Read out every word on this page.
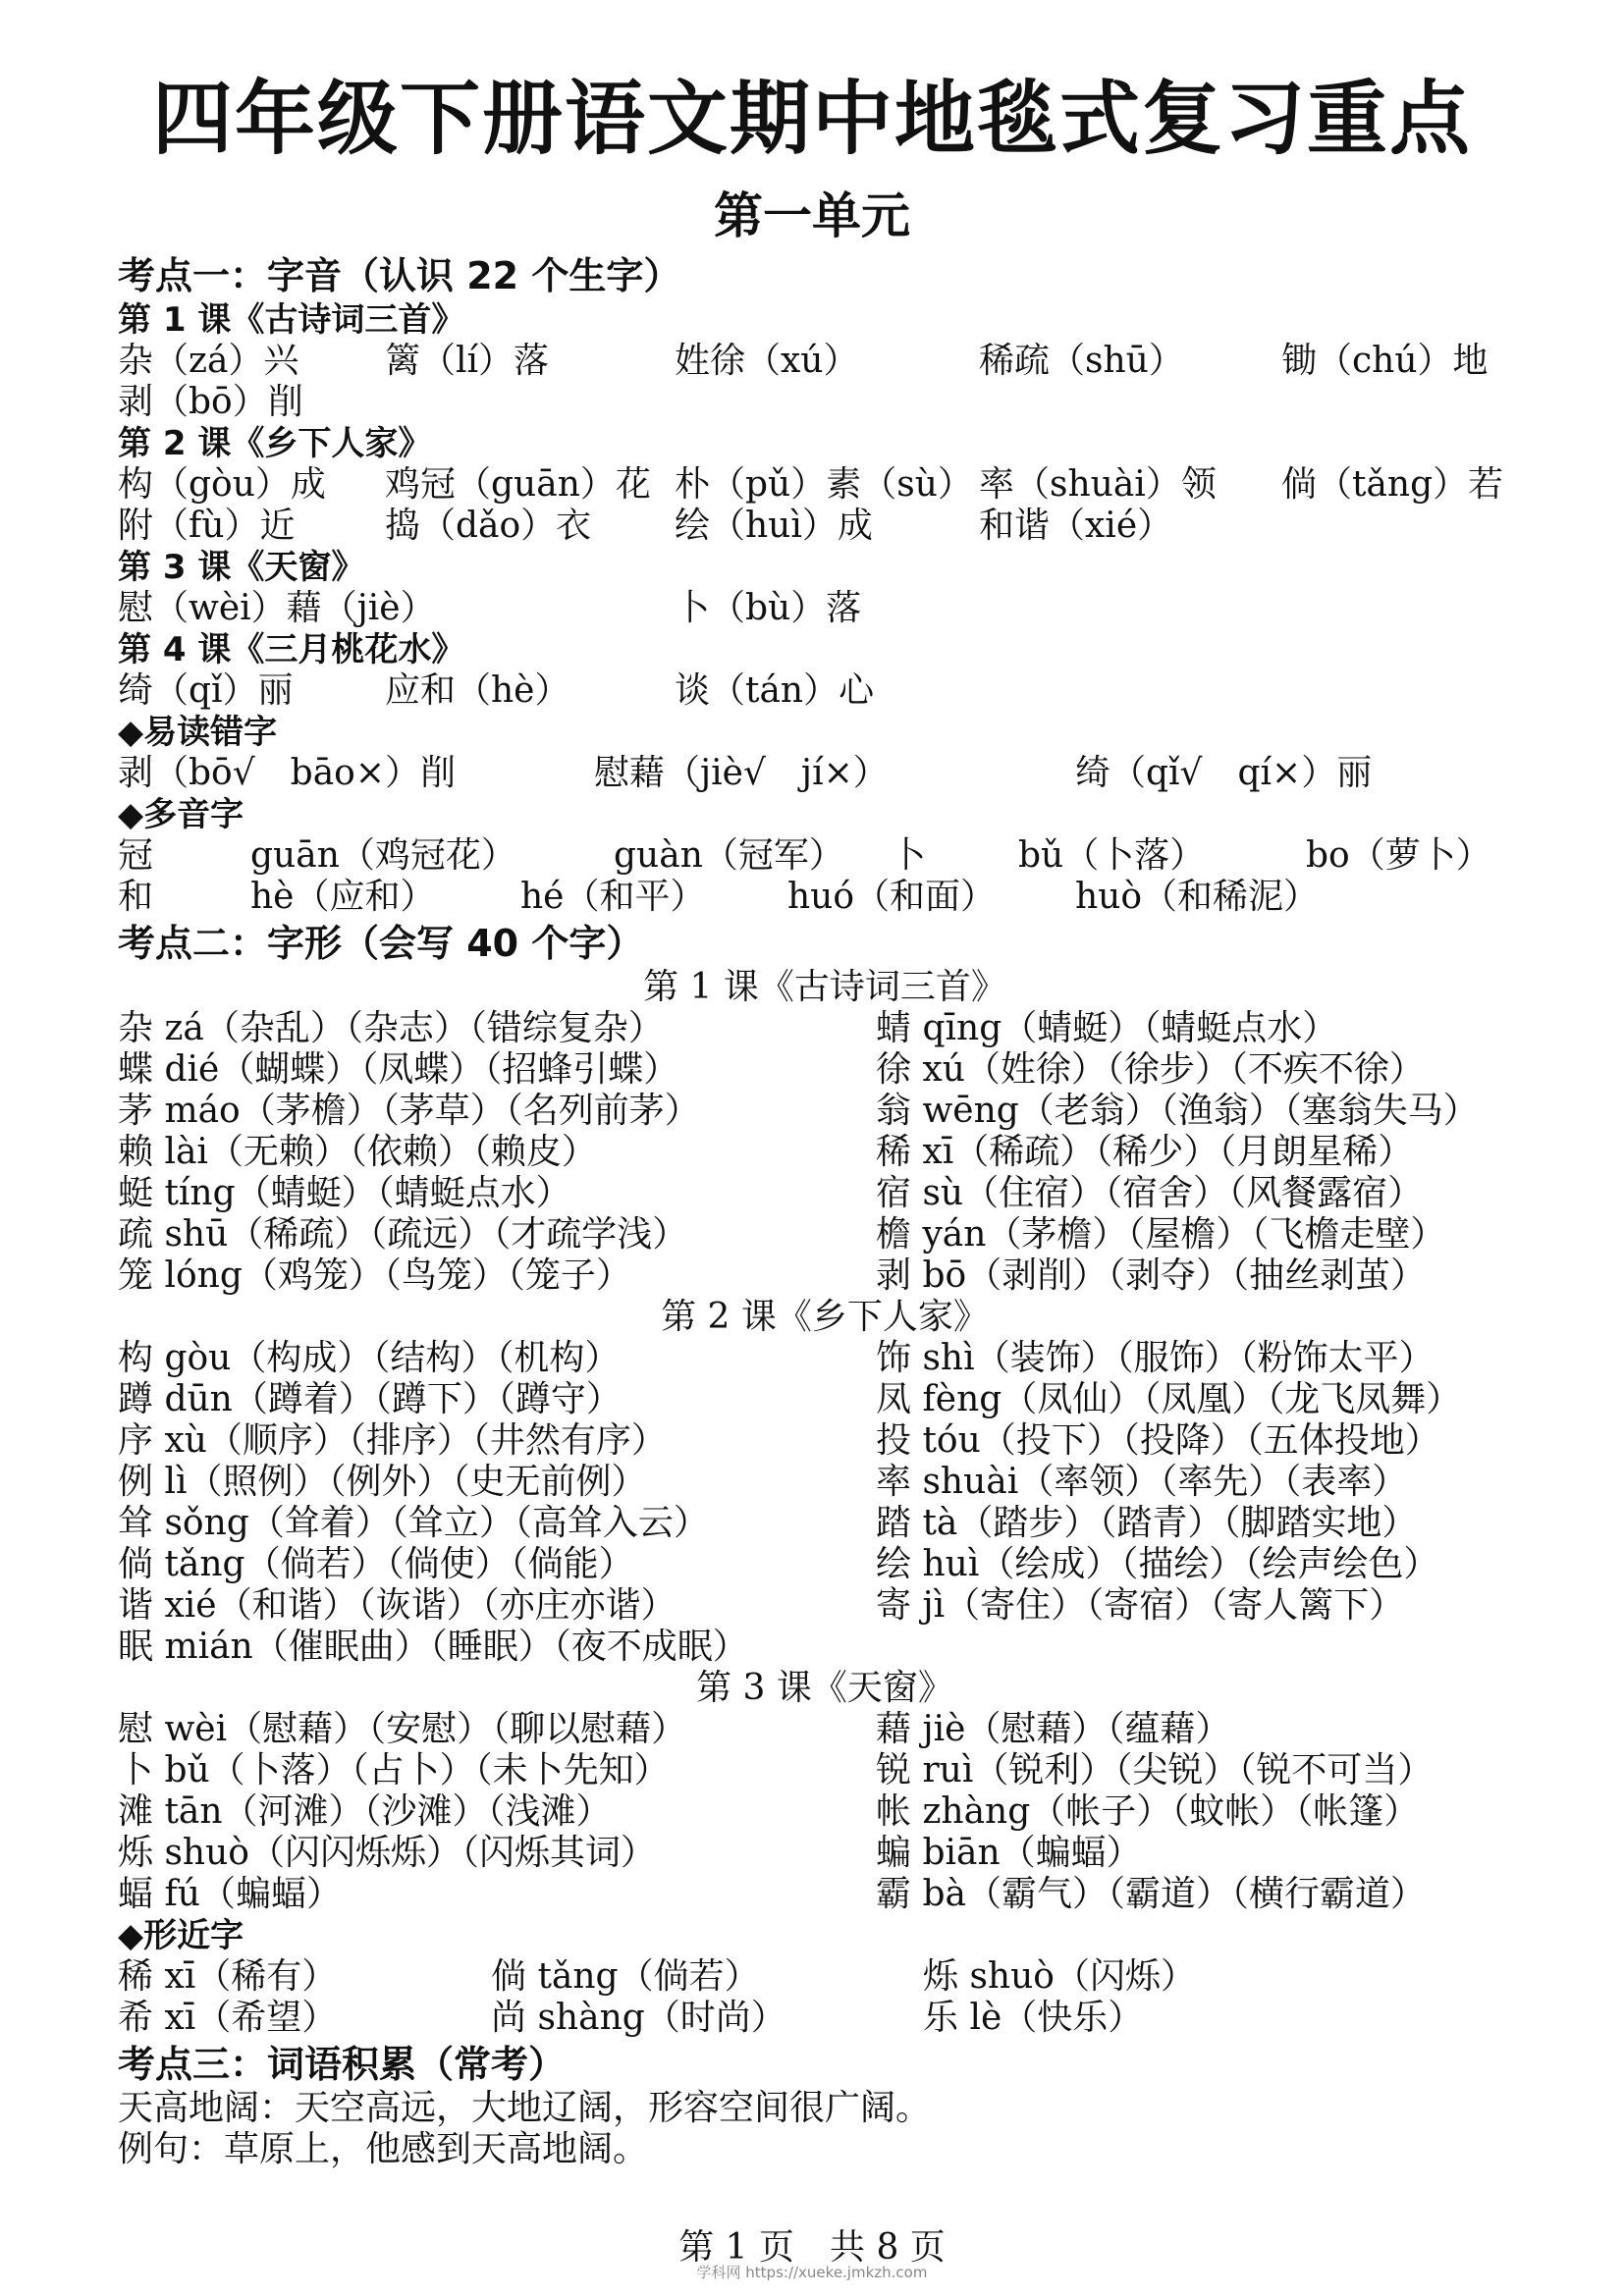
四年级下册语文期中地毯式复习重点
第一单元
考点一：字音（认识 22 个生字）
第 1 课《古诗词三首》
杂（zá）兴 篱（lí）落	姓徐（xú）	稀疏（shū）	锄（chú）地
剥（bō）削
第 2 课《乡下人家》
构（gòu）成 鸡冠（guān）花 朴（pǔ）素（sù） 率（shuài）领 倘（tǎng）若
附（fù）近	捣（dǎo）衣 绘（huì）成	和谐（xié）
第 3 课《天窗》
慰（wèi）藉（jiè）	卜（bù）落
第 4 课《三月桃花水》
绮（qǐ）丽	应和（hè）	谈（tán）心
◆易读错字
剥（bō√　bāo×）削	慰藉（jiè√　jí×）	绮（qǐ√　qí×）丽
◆多音字
冠	guān（鸡冠花）	guàn（冠军） 卜	bǔ（卜落）	bo（萝卜）
和	hè（应和） hé（和平） huó（和面） huò（和稀泥）
考点二：字形（会写 40 个字）
第 1 课《古诗词三首》
杂 zá（杂乱）（杂志）（错综复杂）	蜻 qīng（蜻蜓）（蜻蜓点水）
蝶 dié（蝴蝶）（凤蝶）（招蜂引蝶）	徐 xú（姓徐）（徐步）（不疾不徐）
茅 máo（茅檐）（茅草）（名列前茅）	翁 wēng（老翁）（渔翁）（塞翁失马）
赖 lài（无赖）（依赖）（赖皮）	稀 xī（稀疏）（稀少）（月朗星稀）
蜓 tíng（蜻蜓）（蜻蜓点水）	宿 sù（住宿）（宿舍）（风餐露宿）
疏 shū（稀疏）（疏远）（才疏学浅）	檐 yán（茅檐）（屋檐）（飞檐走壁）
笼 lóng（鸡笼）（鸟笼）（笼子）	剥 bō（剥削）（剥夺）（抽丝剥茧）
第 2 课《乡下人家》
构 gòu（构成）（结构）（机构）	饰 shì（装饰）（服饰）（粉饰太平）
蹲 dūn（蹲着）（蹲下）（蹲守）	凤 fèng（凤仙）（凤凰）（龙飞凤舞）
序 xù（顺序）（排序）（井然有序）	投 tóu（投下）（投降）（五体投地）
例 lì（照例）（例外）（史无前例）	率 shuài（率领）（率先）（表率）
耸 sǒng（耸着）（耸立）（高耸入云）	踏 tà（踏步）（踏青）（脚踏实地）
倘 tǎng（倘若）（倘使）（倘能）	绘 huì（绘成）（描绘）（绘声绘色）
谐 xié（和谐）（诙谐）（亦庄亦谐）	寄 jì（寄住）（寄宿）（寄人篱下）
眠 mián（催眠曲）（睡眠）（夜不成眠）
第 3 课《天窗》
慰 wèi（慰藉）（安慰）（聊以慰藉）	藉 jiè（慰藉）（蕴藉）
卜 bǔ（卜落）（占卜）（未卜先知）	锐 ruì（锐利）（尖锐）（锐不可当）
滩 tān（河滩）（沙滩）（浅滩）	帐 zhàng（帐子）（蚊帐）（帐篷）
烁 shuò（闪闪烁烁）（闪烁其词）	蝙 biān（蝙蝠）
蝠 fú（蝙蝠）	霸 bà（霸气）（霸道）（横行霸道）
◆形近字
稀 xī（稀有）	倘 tǎng（倘若）	烁 shuò（闪烁）
希 xī（希望）	尚 shàng（时尚）	乐 lè（快乐）
考点三：词语积累（常考）
天高地阔：天空高远，大地辽阔，形容空间很广阔。
例句：草原上，他感到天高地阔。
第 1 页　共 8 页
学科网 https://xueke.jmkzh.com
